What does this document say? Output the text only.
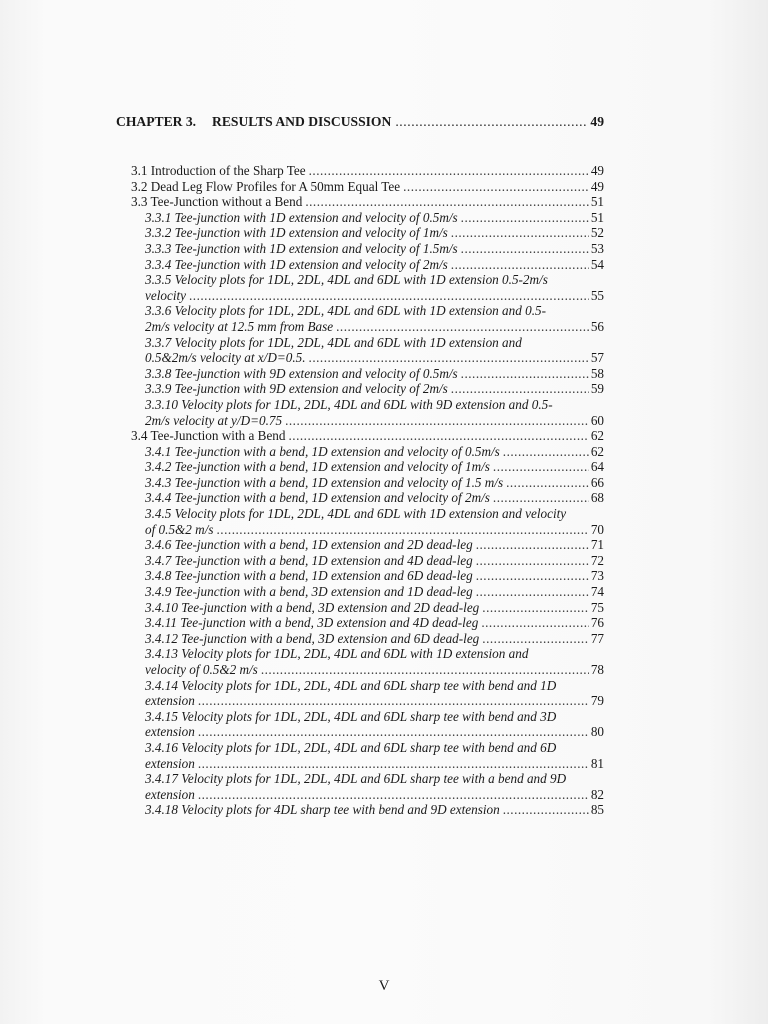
CHAPTER 3.	RESULTS AND DISCUSSION . . .	49
3.1 Introduction of the Sharp Tee . . .	49
3.2 Dead Leg Flow Profiles for A 50mm Equal Tee . . .	49
3.3 Tee-Junction without a Bend . . .	51
3.3.1 Tee-junction with 1D extension and velocity of 0.5m/s . . .	51
3.3.2 Tee-junction with 1D extension and velocity of 1m/s . . .	52
3.3.3 Tee-junction with 1D extension and velocity of 1.5m/s . . .	53
3.3.4 Tee-junction with 1D extension and velocity of 2m/s . . .	54
3.3.5 Velocity plots for 1DL, 2DL, 4DL and 6DL with 1D extension 0.5-2m/s
velocity . . .	55
3.3.6 Velocity plots for 1DL, 2DL, 4DL and 6DL with 1D extension and 0.5-
2m/s velocity at 12.5 mm from Base . . .	56
3.3.7 Velocity plots for 1DL, 2DL, 4DL and 6DL with 1D extension and
0.5&2m/s velocity at x/D=0.5. . . .	57
3.3.8 Tee-junction with 9D extension and velocity of 0.5m/s . . .	58
3.3.9 Tee-junction with 9D extension and velocity of 2m/s . . .	59
3.3.10 Velocity plots for 1DL, 2DL, 4DL and 6DL with 9D extension and 0.5-
2m/s velocity at y/D=0.75 . . .	60
3.4 Tee-Junction with a Bend . . .	62
3.4.1 Tee-junction with a bend, 1D extension and velocity of 0.5m/s . . .	62
3.4.2 Tee-junction with a bend, 1D extension and velocity of 1m/s . . .	64
3.4.3 Tee-junction with a bend, 1D extension and velocity of 1.5 m/s . . .	66
3.4.4 Tee-junction with a bend, 1D extension and velocity of 2m/s . . .	68
3.4.5 Velocity plots for 1DL, 2DL, 4DL and 6DL with 1D extension and velocity
of 0.5&2 m/s . . .	70
3.4.6 Tee-junction with a bend, 1D extension and 2D dead-leg . . .	71
3.4.7 Tee-junction with a bend, 1D extension and 4D dead-leg . . .	72
3.4.8 Tee-junction with a bend, 1D extension and 6D dead-leg . . .	73
3.4.9 Tee-junction with a bend, 3D extension and 1D dead-leg . . .	74
3.4.10 Tee-junction with a bend, 3D extension and 2D dead-leg . . .	75
3.4.11 Tee-junction with a bend, 3D extension and 4D dead-leg . . .	76
3.4.12 Tee-junction with a bend, 3D extension and 6D dead-leg . . .	77
3.4.13 Velocity plots for 1DL, 2DL, 4DL and 6DL with 1D extension and
velocity of 0.5&2 m/s . . .	78
3.4.14 Velocity plots for 1DL, 2DL, 4DL and 6DL sharp tee with bend and 1D
extension . . .	79
3.4.15 Velocity plots for 1DL, 2DL, 4DL and 6DL sharp tee with bend and 3D
extension . . .	80
3.4.16 Velocity plots for 1DL, 2DL, 4DL and 6DL sharp tee with bend and 6D
extension . . .	81
3.4.17 Velocity plots for 1DL, 2DL, 4DL and 6DL sharp tee with a bend and 9D
extension . . .	82
3.4.18 Velocity plots for 4DL sharp tee with bend and 9D extension . . .	85
V
